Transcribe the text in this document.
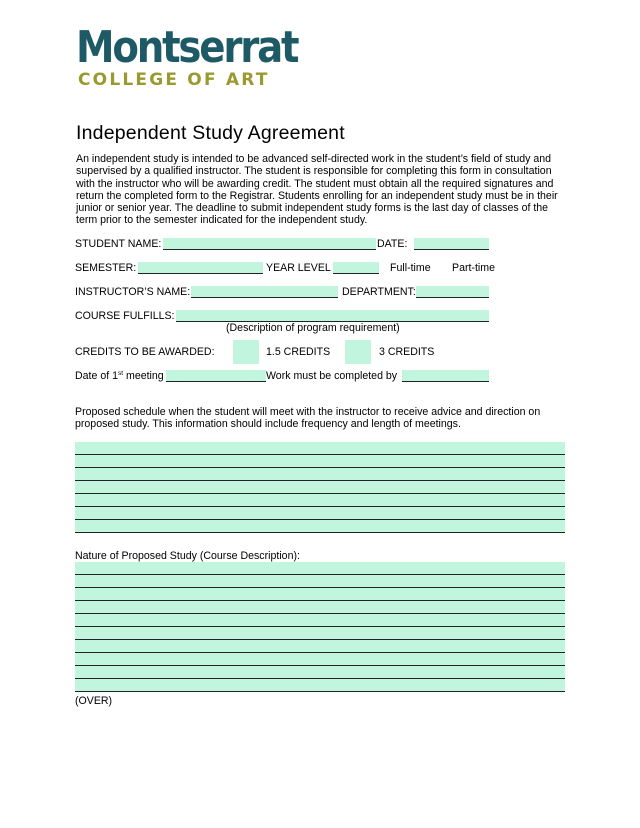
Montserrat
COLLEGE OF ART
Independent Study Agreement
An independent study is intended to be advanced self-directed work in the student’s field of study and supervised by a qualified instructor. The student is responsible for completing this form in consultation with the instructor who will be awarding credit. The student must obtain all the required signatures and return the completed form to the Registrar. Students enrolling for an independent study must be in their junior or senior year. The deadline to submit independent study forms is the last day of classes of the term prior to the semester indicated for the independent study.
STUDENT NAME:	DATE:
SEMESTER:	YEAR LEVEL	Full-time Part-time
INSTRUCTOR’S NAME:	DEPARTMENT:
COURSE FULFILLS:
(Description of program requirement)
CREDITS TO BE AWARDED:	1.5 CREDITS	3 CREDITS
Date of 1st meeting	Work must be completed by
Proposed schedule when the student will meet with the instructor to receive advice and direction on proposed study. This information should include frequency and length of meetings.
Nature of Proposed Study (Course Description):
(OVER)
